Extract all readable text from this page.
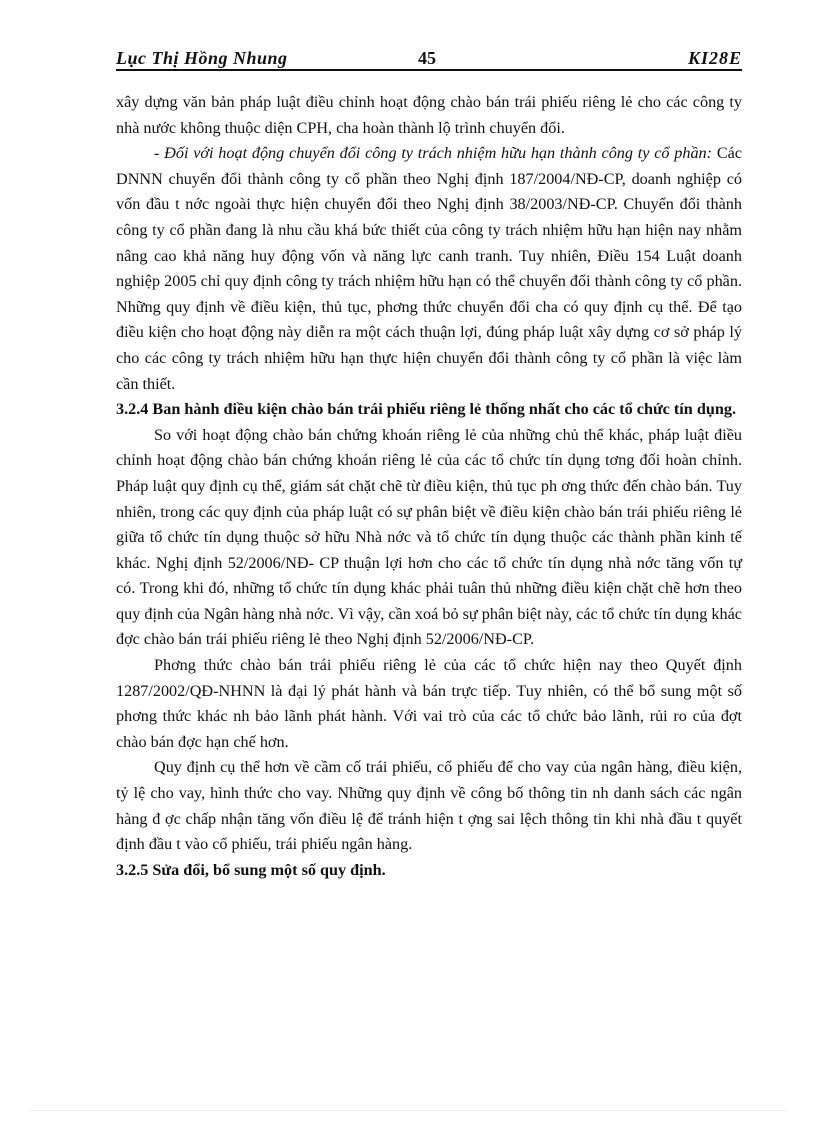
Lục Thị Hồng Nhung	45	KI28E

xây dựng văn bản pháp luật điều chỉnh hoạt động chào bán trái phiếu riêng lẻ cho các công ty nhà nước không thuộc diện CPH, cha hoàn thành lộ trình chuyển đổi.

- Đối với hoạt động chuyển đổi công ty trách nhiệm hữu hạn thành công ty cổ phần: Các DNNN chuyển đổi thành công ty cổ phần theo Nghị định 187/2004/NĐ-CP, doanh nghiệp có vốn đầu t nớc ngoài thực hiện chuyển đổi theo Nghị định 38/2003/NĐ-CP. Chuyển đổi thành công ty cổ phần đang là nhu cầu khá bức thiết của công ty trách nhiệm hữu hạn hiện nay nhằm nâng cao khả năng huy động vốn và năng lực canh tranh. Tuy nhiên, Điều 154 Luật doanh nghiệp 2005 chỉ quy định công ty trách nhiệm hữu hạn có thể chuyển đổi thành công ty cổ phần. Những quy định về điều kiện, thủ tục, phơng thức chuyển đổi cha có quy định cụ thể. Để tạo điều kiện cho hoạt động này diễn ra một cách thuận lợi, đúng pháp luật xây dựng cơ sở pháp lý cho các công ty trách nhiệm hữu hạn thực hiện chuyển đổi thành công ty cổ phần là việc làm cần thiết.

3.2.4 Ban hành điều kiện chào bán trái phiếu riêng lẻ thống nhất cho các tổ chức tín dụng.

So với hoạt động chào bán chứng khoán riêng lẻ của những chủ thể khác, pháp luật điều chỉnh hoạt động chào bán chứng khoán riêng lẻ của các tổ chức tín dụng tơng đối hoàn chỉnh. Pháp luật quy định cụ thể, giám sát chặt chẽ từ điều kiện, thủ tục ph ơng thức đến chào bán. Tuy nhiên, trong các quy định của pháp luật có sự phân biệt về điều kiện chào bán trái phiếu riêng lẻ giữa tổ chức tín dụng thuộc sở hữu Nhà nớc và tổ chức tín dụng thuộc các thành phần kinh tế khác. Nghị định 52/2006/NĐ- CP thuận lợi hơn cho các tổ chức tín dụng nhà nớc tăng vốn tự có. Trong khi đó, những tổ chức tín dụng khác phải tuân thủ những điều kiện chặt chẽ hơn theo quy định của Ngân hàng nhà nớc. Vì vậy, cần xoá bỏ sự phân biệt này, các tổ chức tín dụng khác đợc chào bán trái phiếu riêng lẻ theo Nghị định 52/2006/NĐ-CP.

Phơng thức chào bán trái phiếu riêng lẻ của các tổ chức hiện nay theo Quyết định 1287/2002/QĐ-NHNN là đại lý phát hành và bán trực tiếp. Tuy nhiên, có thể bổ sung một số phơng thức khác nh bảo lãnh phát hành. Với vai trò của các tổ chức bảo lãnh, rủi ro của đợt chào bán đợc hạn chế hơn.

Quy định cụ thể hơn về cầm cố trái phiếu, cổ phiếu để cho vay của ngân hàng, điều kiện, tỷ lệ cho vay, hình thức cho vay. Những quy định về công bố thông tin nh danh sách các ngân hàng đ ợc chấp nhận tăng vốn điều lệ để tránh hiện t ợng sai lệch thông tin khi nhà đầu t quyết định đầu t vào cổ phiếu, trái phiếu ngân hàng.

3.2.5 Sửa đổi, bổ sung một số quy định.
